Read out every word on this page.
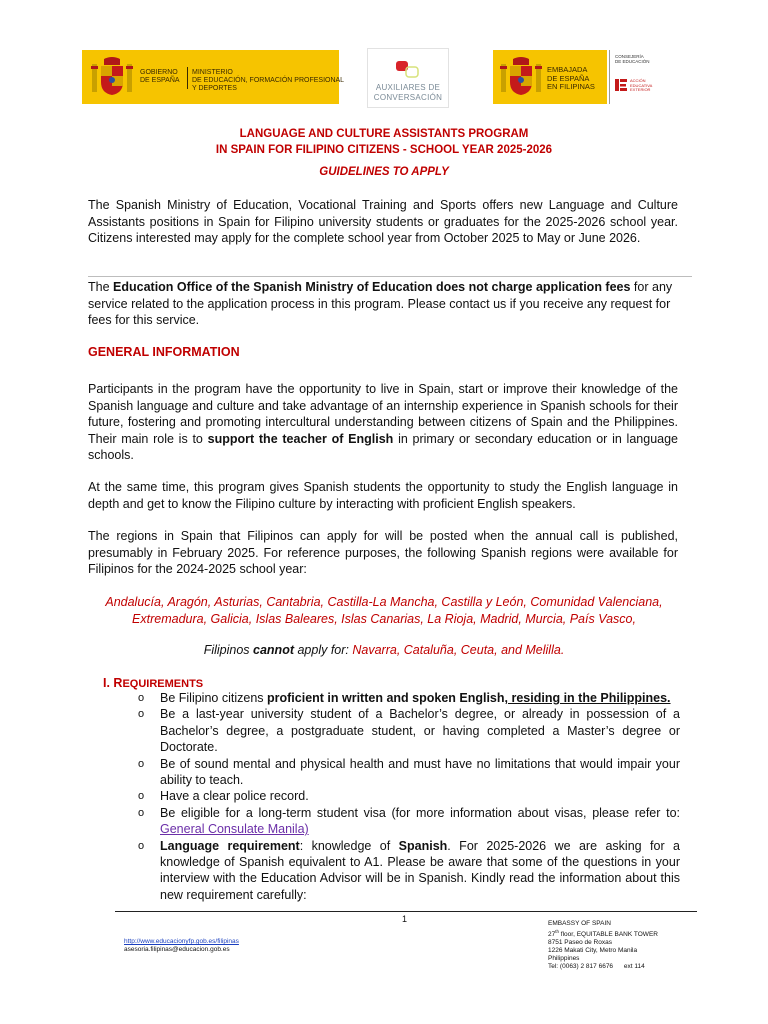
GOBIERNO
DE ESPAÑA
MINISTERIO
DE EDUCACIÓN, FORMACIÓN PROFESIONAL
Y DEPORTES	AUXILIARES DE
CONVERSACIÓN
EMBAJADA
DE ESPAÑA
EN FILIPINAS
CONSEJERÍA
DE EDUCACIÓN
ACCIÓN
EDUCATIVA
EXTERIOR
LANGUAGE AND CULTURE ASSISTANTS PROGRAM
IN SPAIN FOR FILIPINO CITIZENS - SCHOOL YEAR 2025-2026
GUIDELINES TO APPLY

The Spanish Ministry of Education, Vocational Training and Sports offers new Language and Culture Assistants positions in Spain for Filipino university students or graduates for the 2025-2026 school year. Citizens interested may apply for the complete school year from October 2025 to May or June 2026.

The Education Office of the Spanish Ministry of Education does not charge application fees for any service related to the application process in this program. Please contact us if you receive any request for fees for this service.

GENERAL INFORMATION

Participants in the program have the opportunity to live in Spain, start or improve their knowledge of the Spanish language and culture and take advantage of an internship experience in Spanish schools for their future, fostering and promoting intercultural understanding between citizens of Spain and the Philippines. Their main role is to support the teacher of English in primary or secondary education or in language schools.

At the same time, this program gives Spanish students the opportunity to study the English language in depth and get to know the Filipino culture by interacting with proficient English speakers.

The regions in Spain that Filipinos can apply for will be posted when the annual call is published, presumably in February 2025. For reference purposes, the following Spanish regions were available for Filipinos for the 2024-2025 school year:

Andalucía, Aragón, Asturias, Cantabria, Castilla-La Mancha, Castilla y León, Comunidad Valenciana, Extremadura, Galicia, Islas Baleares, Islas Canarias, La Rioja, Madrid, Murcia, País Vasco,
Filipinos cannot apply for: Navarra, Cataluña, Ceuta, and Melilla.
I. REQUIREMENTS
o Be Filipino citizens proficient in written and spoken English, residing in the Philippines.
o Be a last-year university student of a Bachelor’s degree, or already in possession of a Bachelor’s degree, a postgraduate student, or having completed a Master’s degree or Doctorate.
o Be of sound mental and physical health and must have no limitations that would impair your ability to teach.
o Have a clear police record.
o Be eligible for a long-term student visa (for more information about visas, please refer to: General Consulate Manila)
o Language requirement: knowledge of Spanish. For 2025-2026 we are asking for a knowledge of Spanish equivalent to A1. Please be aware that some of the questions in your interview with the Education Advisor will be in Spanish. Kindly read the information about this new requirement carefully:
1
http://www.educacionyfp.gob.es/filipinas
asesoria.filipinas@educacion.gob.es
EMBASSY OF SPAIN
27th floor, EQUITABLE BANK TOWER
8751 Paseo de Roxas
1226 Makati City, Metro Manila
Philippines
Tel: (0063) 2 817 6676      ext 114
